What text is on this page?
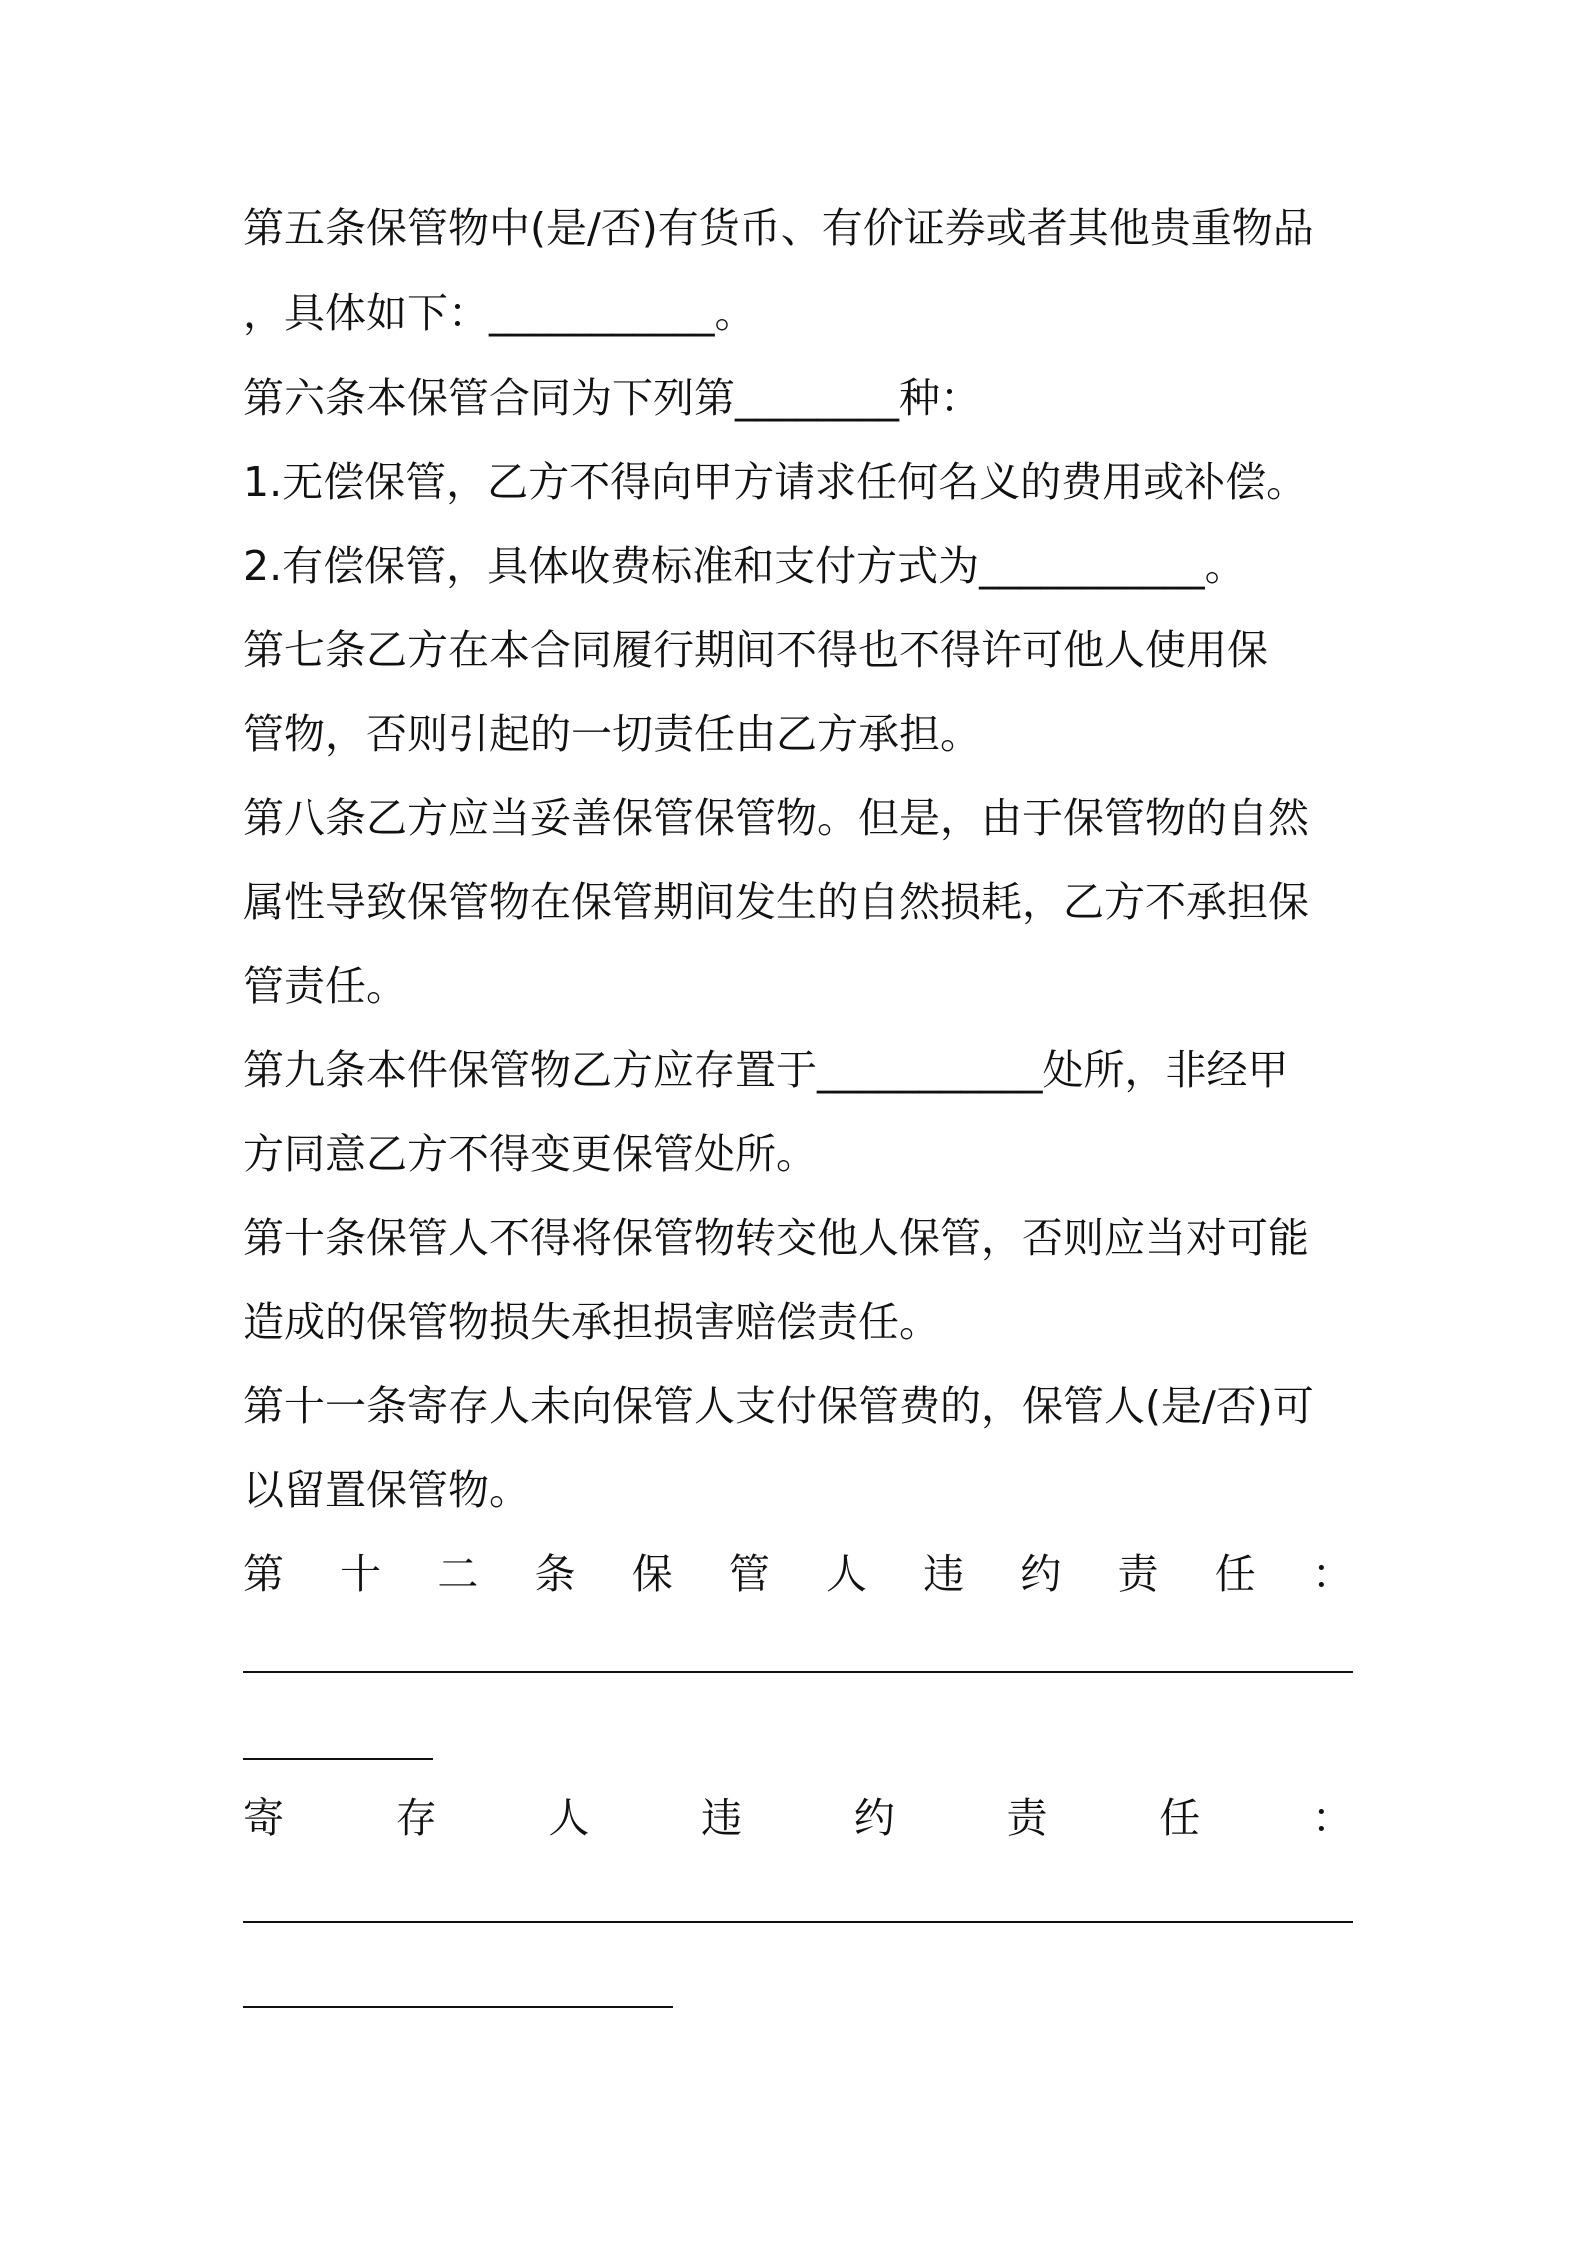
第五条保管物中(是/否)有货币、有价证券或者其他贵重物品
，具体如下：___________。
第六条本保管合同为下列第________种：
1.无偿保管，乙方不得向甲方请求任何名义的费用或补偿。
2.有偿保管，具体收费标准和支付方式为___________。
第七条乙方在本合同履行期间不得也不得许可他人使用保
管物，否则引起的一切责任由乙方承担。
第八条乙方应当妥善保管保管物。但是，由于保管物的自然
属性导致保管物在保管期间发生的自然损耗，乙方不承担保
管责任。
第九条本件保管物乙方应存置于___________处所，非经甲
方同意乙方不得变更保管处所。
第十条保管人不得将保管物转交他人保管，否则应当对可能
造成的保管物损失承担损害赔偿责任。
第十一条寄存人未向保管人支付保管费的，保管人(是/否)可
以留置保管物。
第 十 二 条 保 管 人 违 约 责 任 ：
寄	存	人	违	约	责	任	：
